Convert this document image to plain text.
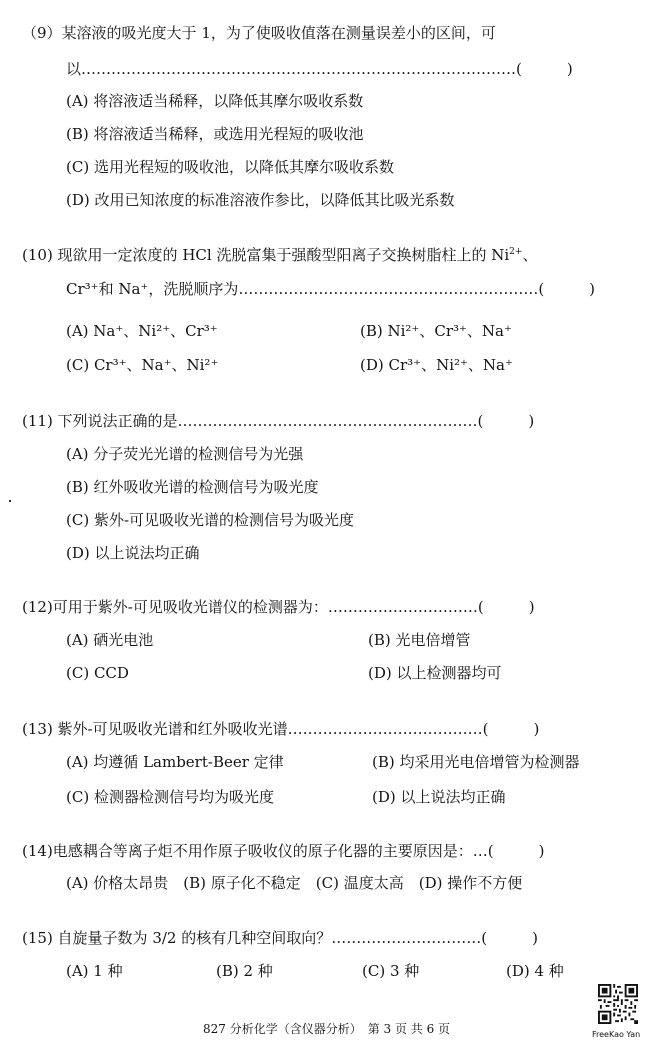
（9）某溶液的吸光度大于 1，为了使吸收值落在测量误差小的区间，可
以……………………………………………………………………………(　　　)
(A) 将溶液适当稀释，以降低其摩尔吸收系数
(B) 将溶液适当稀释，或选用光程短的吸收池
(C) 选用光程短的吸收池，以降低其摩尔吸收系数
(D) 改用已知浓度的标准溶液作参比，以降低其比吸光系数
(10) 现欲用一定浓度的 HCl 洗脱富集于强酸型阳离子交换树脂柱上的 $Ni^{2+}$、
Cr³⁺和 Na⁺，洗脱顺序为……………………………………………………(　　　)
(A) Na⁺、Ni²⁺、Cr³⁺	(B) Ni²⁺、Cr³⁺、Na⁺
(C) Cr³⁺、Na⁺、Ni²⁺	(D) Cr³⁺、Ni²⁺、Na⁺
(11) 下列说法正确的是……………………………………………………(　　　)
(A) 分子荧光光谱的检测信号为光强
(B) 红外吸收光谱的检测信号为吸光度
(C) 紫外-可见吸收光谱的检测信号为吸光度
(D) 以上说法均正确
(12)可用于紫外-可见吸收光谱仪的检测器为：…………………………(　　　)
(A) 硒光电池	(B) 光电倍增管
(C) CCD	(D) 以上检测器均可
(13) 紫外-可见吸收光谱和红外吸收光谱…………………………………(　　　)
(A) 均遵循 Lambert-Beer 定律	(B) 均采用光电倍增管为检测器
(C) 检测器检测信号均为吸光度	(D) 以上说法均正确
(14)电感耦合等离子炬不用作原子吸收仪的原子化器的主要原因是：…(　　　)
(A) 价格太昂贵　(B) 原子化不稳定　(C) 温度太高　(D) 操作不方便
(15) 自旋量子数为 3/2 的核有几种空间取向？…………………………(　　　)
(A) 1 种	(B) 2 种	(C) 3 种	(D) 4 种
827 分析化学（含仪器分析）　第 3 页 共 6 页	FreeKao Yan
